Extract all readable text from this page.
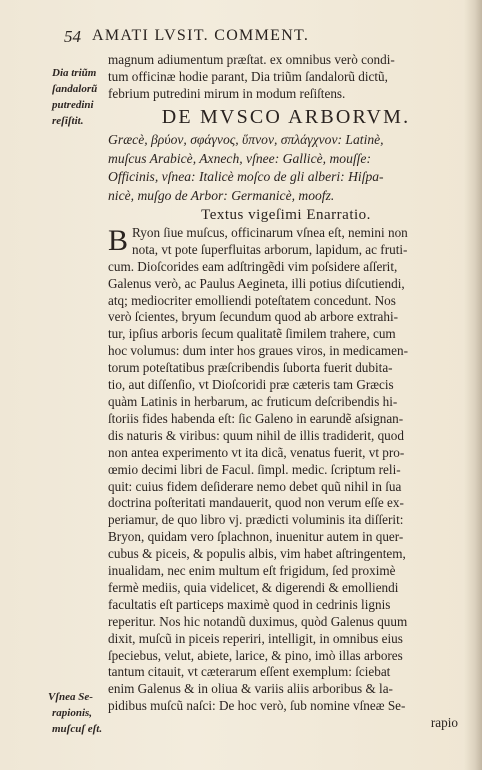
54 AMATI LVSIT. COMMENT.
Dia triũm
ſandalorũ
putredini
reſiſtit.
Vſnea Se-
rapionis,
muſcuſ eſt.
magnum adiumentum præſtat. ex omnibus verò condi-
tum officinæ hodie parant, Dia triũm ſandalorũ dictũ,
febrium putredini mirum in modum reſiſtens.
DE MVSCO ARBORVM.
Græcè, βρύον, σφάγνος, ὕπνον, σπλάγχνον: Latinè,
muſcus Arabicè, Axnech, vſnee: Gallicè, mouſſe:
Officinis, vſnea: Italicè moſco de gli alberi: Hiſpa-
nicè, muſgo de Arbor: Germanicè, moofz.
Textus vigeſimi Enarratio.
B Ryon ſiue muſcus, officinarum vſnea eſt, nemini non
nota, vt pote ſuperfluitas arborum, lapidum, ac fruti-
cum. Dioſcorides eam adſtringẽdi vim poſsidere aſſerit,
Galenus verò, ac Paulus Aegineta, illi potius diſcutiendi,
atq; mediocriter emolliendi poteſtatem concedunt. Nos
verò ſcientes, bryum ſecundum quod ab arbore extrahi-
tur, ipſius arboris ſecum qualitatẽ ſimilem trahere, cum
hoc volumus: dum inter hos graues viros, in medicamen-
torum poteſtatibus præſcribendis ſuborta fuerit dubita-
tio, aut diſſenſio, vt Dioſcoridi præ cæteris tam Græcis
quàm Latinis in herbarum, ac fruticum deſcribendis hi-
ſtoriis fides habenda eſt: ſic Galeno in earundẽ aſsignan-
dis naturis & viribus: quum nihil de illis tradiderit, quod
non antea experimento vt ita dicã, venatus fuerit, vt pro-
œmio decimi libri de Facul. ſimpl. medic. ſcriptum reli-
quit: cuius fidem deſiderare nemo debet quũ nihil in ſua
doctrina poſteritati mandauerit, quod non verum eſſe ex-
periamur, de quo libro vj. prædicti voluminis ita diſſerit:
Bryon, quidam vero ſplachnon, inuenitur autem in quer-
cubus & piceis, & populis albis, vim habet aſtringentem,
inualidam, nec enim multum eſt frigidum, ſed proximè
fermè mediis, quia videlicet, & digerendi & emolliendi
facultatis eſt particeps maximè quod in cedrinis lignis
reperitur. Nos hic notandũ duximus, quòd Galenus quum
dixit, muſcũ in piceis reperiri, intelligit, in omnibus eius
ſpeciebus, velut, abiete, larice, & pino, imò illas arbores
tantum citauit, vt cæterarum eſſent exemplum: ſciebat
enim Galenus & in oliua & variis aliis arboribus & la-
pidibus muſcũ naſci: De hoc verò, ſub nomine vſneæ Se-
rapio
